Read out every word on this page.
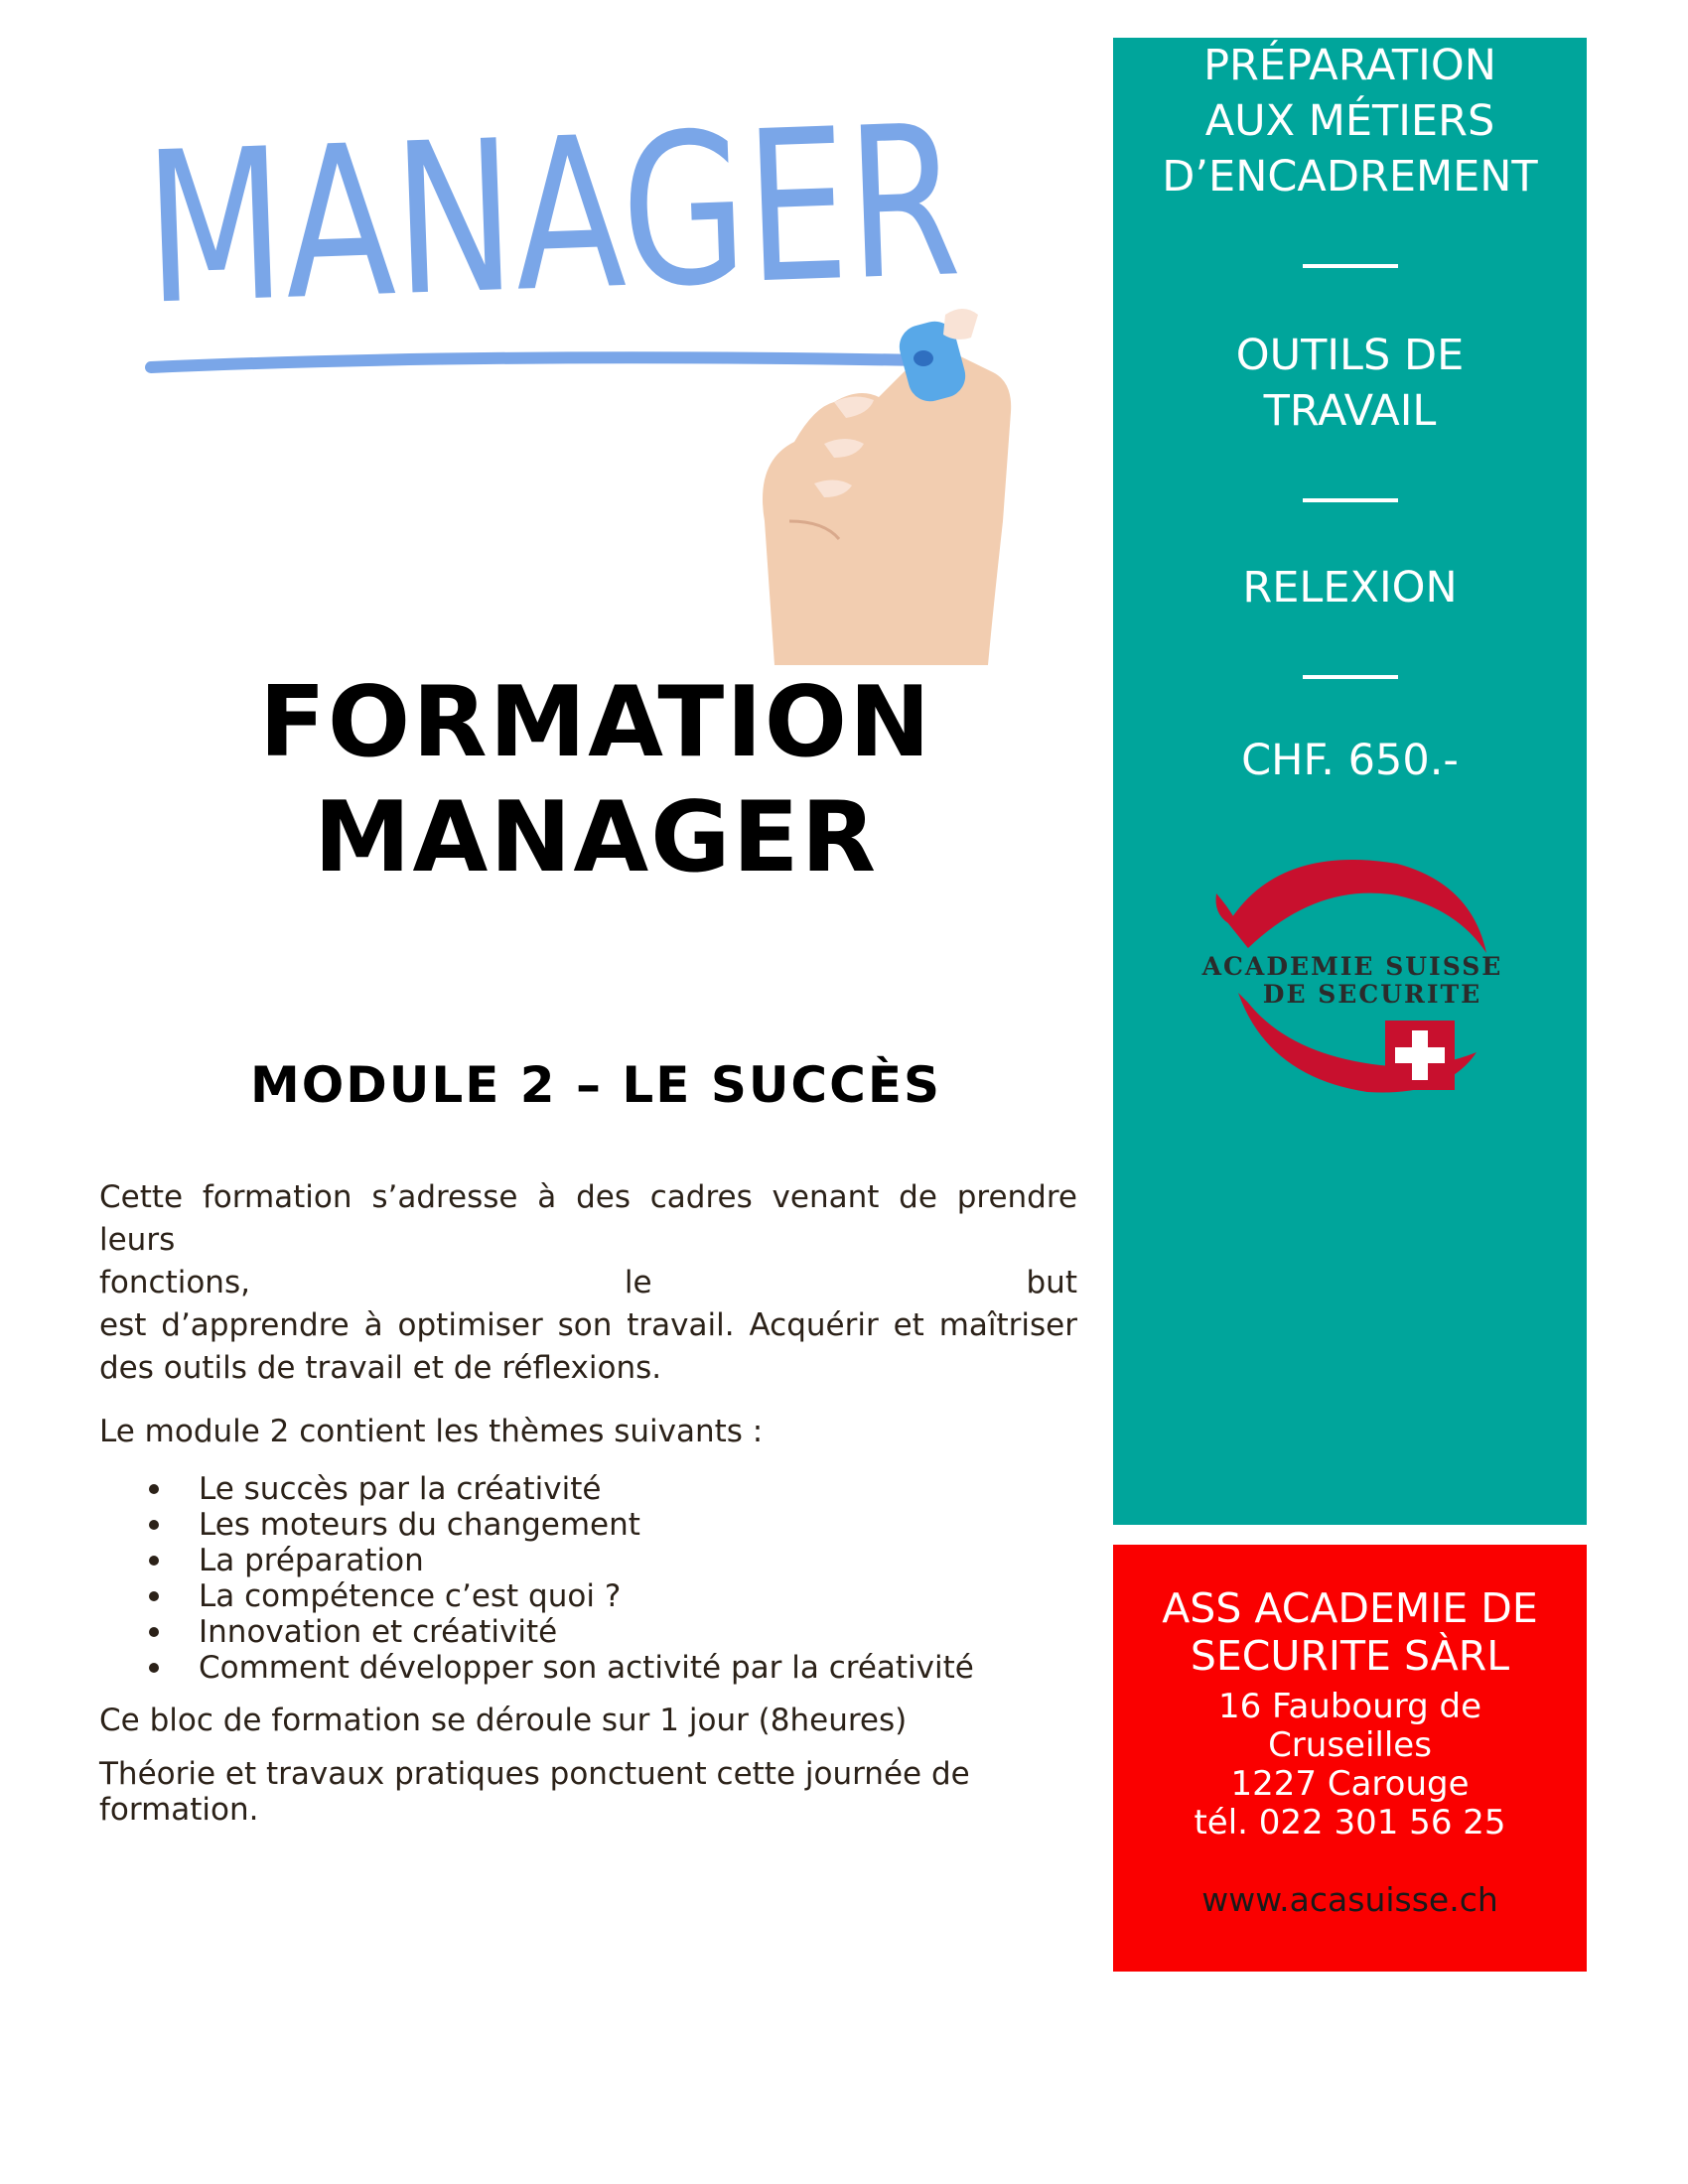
MANAGER
FORMATION
MANAGER
MODULE 2 – LE SUCCÈS
Cette formation s’adresse à des cadres venant de prendre leurs
fonctions,	le	but
est d’apprendre à optimiser son travail. Acquérir et maîtriser
des outils de travail et de réflexions.

Le module 2 contient les thèmes suivants :

Le succès par la créativité
Les moteurs du changement
La préparation
La compétence c’est quoi ?
Innovation et créativité
Comment développer son activité par la créativité

Ce bloc de formation se déroule sur 1 jour (8heures)

Théorie et travaux pratiques ponctuent cette journée de
formation.

PRÉPARATION
AUX MÉTIERS
D’ENCADREMENT
OUTILS DE
TRAVAIL
RELEXION
CHF. 650.-
ACADEMIE SUISSE
DE SECURITE
ASS ACADEMIE DE
SECURITE SÀRL
16 Faubourg de
Cruseilles
1227 Carouge
tél. 022 301 56 25
www.acasuisse.ch
